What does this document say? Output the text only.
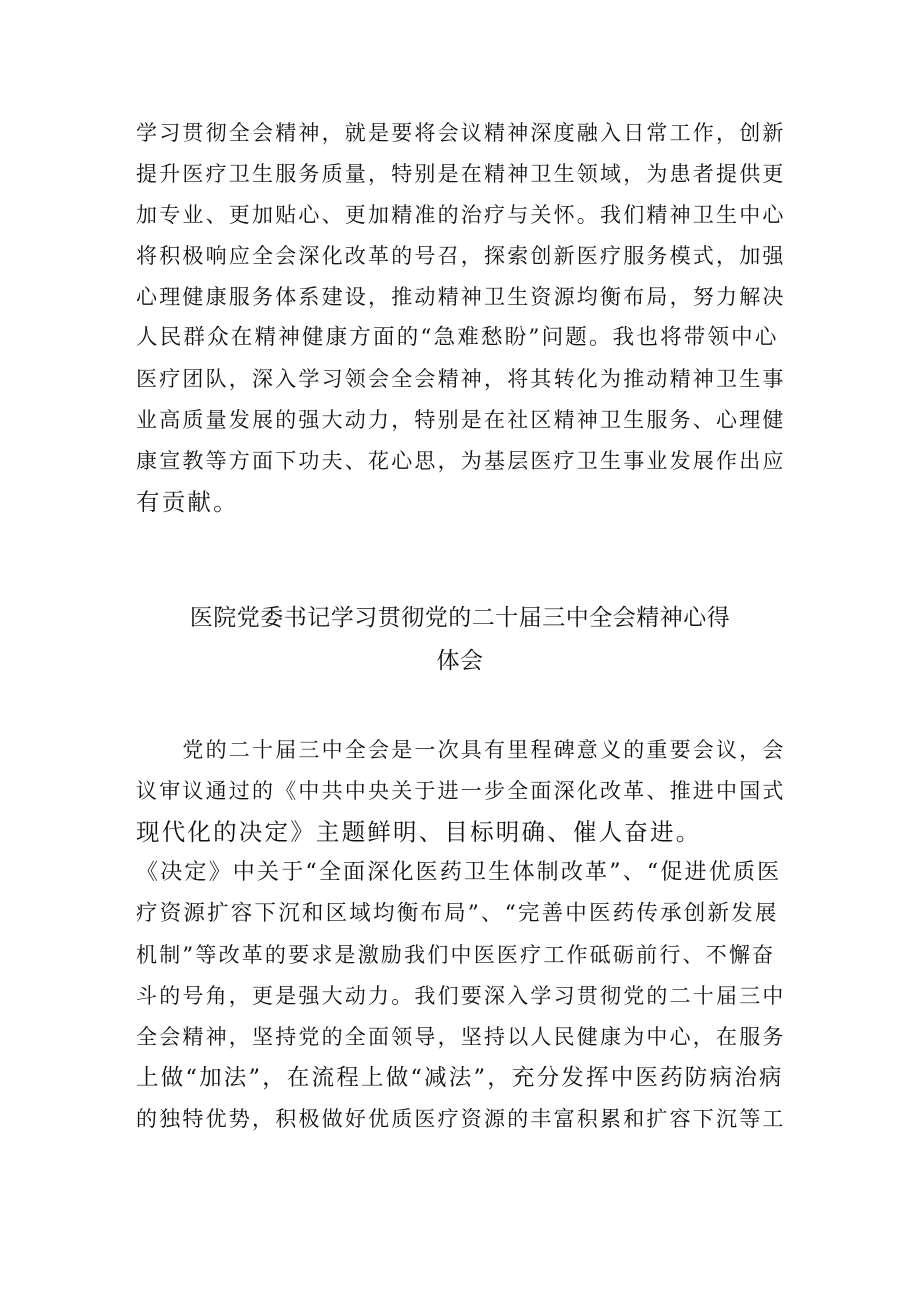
学习贯彻全会精神，就是要将会议精神深度融入日常工作，创新
提升医疗卫生服务质量，特别是在精神卫生领域，为患者提供更
加专业、更加贴心、更加精准的治疗与关怀。我们精神卫生中心
将积极响应全会深化改革的号召，探索创新医疗服务模式，加强
心理健康服务体系建设，推动精神卫生资源均衡布局，努力解决
人民群众在精神健康方面的“急难愁盼”问题。我也将带领中心
医疗团队，深入学习领会全会精神，将其转化为推动精神卫生事
业高质量发展的强大动力，特别是在社区精神卫生服务、心理健
康宣教等方面下功夫、花心思，为基层医疗卫生事业发展作出应
有贡献。
医院党委书记学习贯彻党的二十届三中全会精神心得
体会
　　党的二十届三中全会是一次具有里程碑意义的重要会议，会
议审议通过的《中共中央关于进一步全面深化改革、推进中国式
现代化的决定》主题鲜明、目标明确、催人奋进。
《决定》中关于“全面深化医药卫生体制改革”、“促进优质医
疗资源扩容下沉和区域均衡布局”、“完善中医药传承创新发展
机制”等改革的要求是激励我们中医医疗工作砥砺前行、不懈奋
斗的号角，更是强大动力。我们要深入学习贯彻党的二十届三中
全会精神，坚持党的全面领导，坚持以人民健康为中心，在服务
上做“加法”，在流程上做“减法”，充分发挥中医药防病治病
的独特优势，积极做好优质医疗资源的丰富积累和扩容下沉等工
